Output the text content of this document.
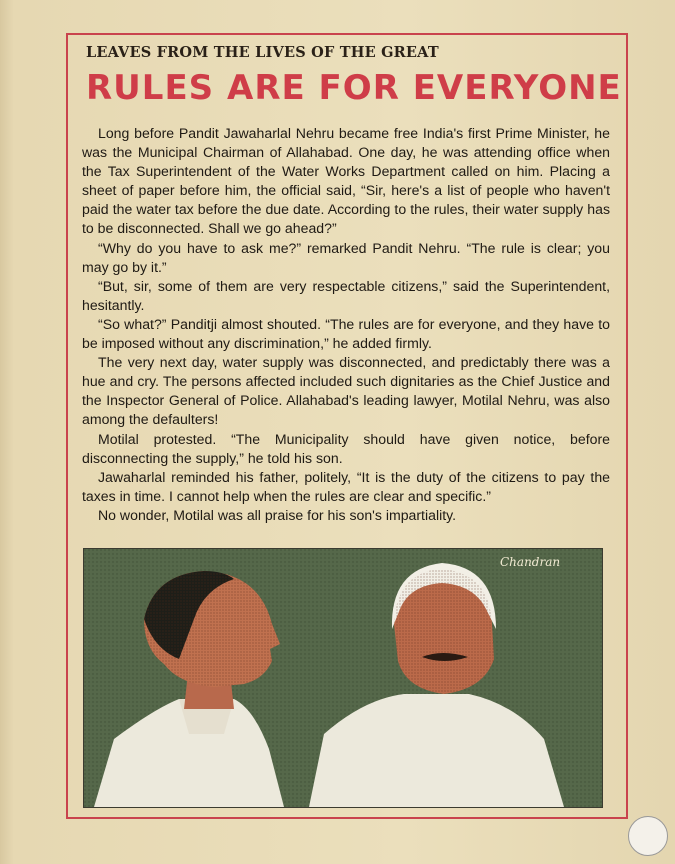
LEAVES FROM THE LIVES OF THE GREAT
RULES ARE FOR EVERYONE

Long before Pandit Jawaharlal Nehru became free India's first Prime Minister, he was the Municipal Chairman of Allahabad. One day, he was attending office when the Tax Superintendent of the Water Works Department called on him. Placing a sheet of paper before him, the official said, “Sir, here's a list of people who haven't paid the water tax before the due date. According to the rules, their water supply has to be disconnected. Shall we go ahead?”

“Why do you have to ask me?” remarked Pandit Nehru. “The rule is clear; you may go by it.”

“But, sir, some of them are very respectable citizens,” said the Superintendent, hesitantly.

“So what?” Panditji almost shouted. “The rules are for everyone, and they have to be imposed without any discrimination,” he added firmly.

The very next day, water supply was disconnected, and predictably there was a hue and cry. The persons affected included such dignitaries as the Chief Justice and the Inspector General of Police. Allahabad's leading lawyer, Motilal Nehru, was also among the defaulters!

Motilal protested. “The Municipality should have given notice, before disconnecting the supply,” he told his son.

Jawaharlal reminded his father, politely, “It is the duty of the citizens to pay the taxes in time. I cannot help when the rules are clear and specific.”

No wonder, Motilal was all praise for his son's impartiality.

Chandran
